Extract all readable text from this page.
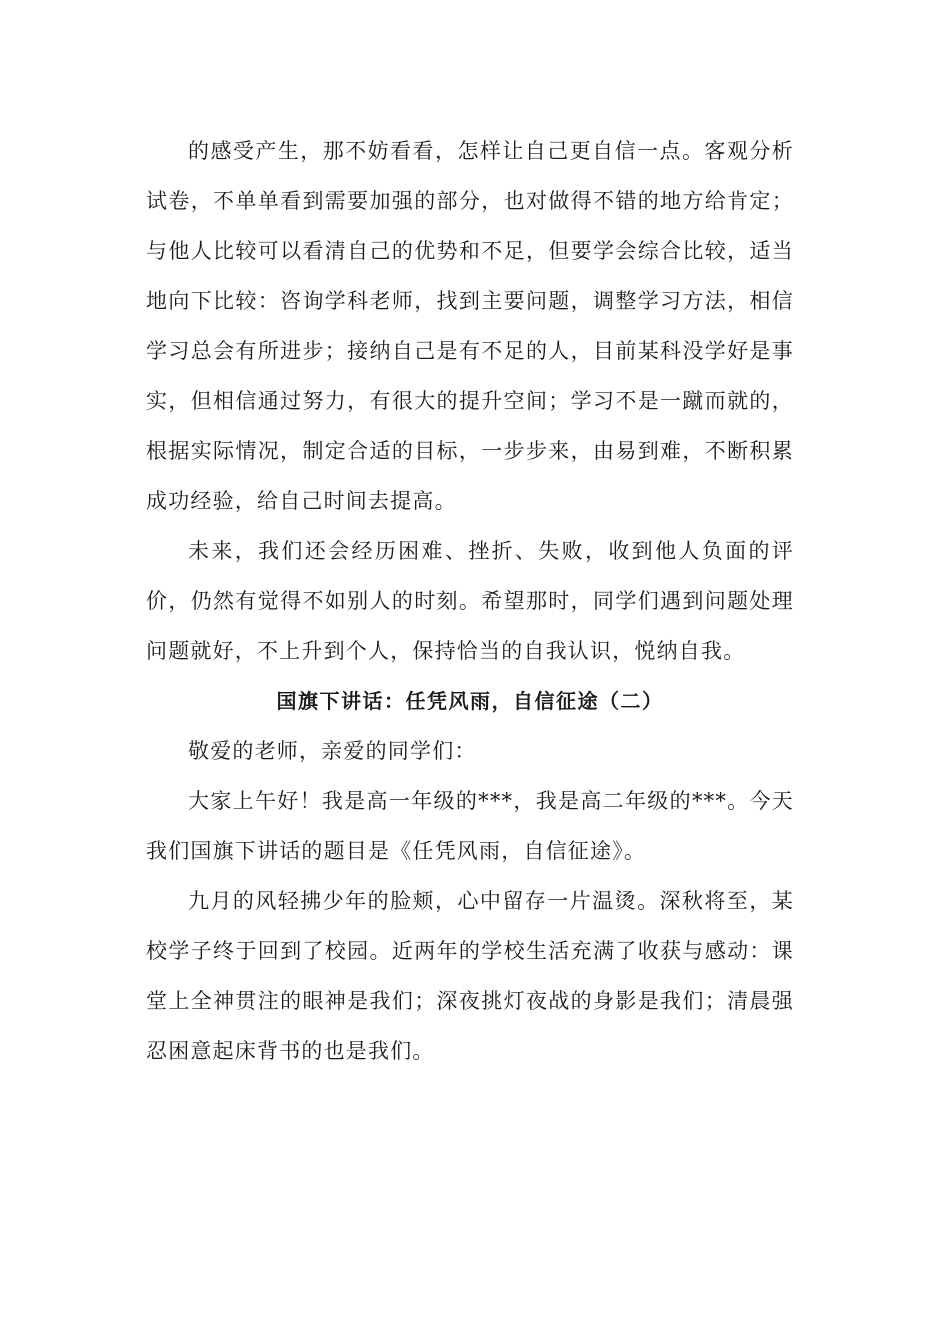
的感受产生，那不妨看看，怎样让自己更自信一点。客观分析试卷，不单单看到需要加强的部分，也对做得不错的地方给肯定；与他人比较可以看清自己的优势和不足，但要学会综合比较，适当地向下比较：咨询学科老师，找到主要问题，调整学习方法，相信学习总会有所进步；接纳自己是有不足的人，目前某科没学好是事实，但相信通过努力，有很大的提升空间；学习不是一蹴而就的，根据实际情况，制定合适的目标，一步步来，由易到难，不断积累成功经验，给自己时间去提高。

未来，我们还会经历困难、挫折、失败，收到他人负面的评价，仍然有觉得不如别人的时刻。希望那时，同学们遇到问题处理问题就好，不上升到个人，保持恰当的自我认识，悦纳自我。

国旗下讲话：任凭风雨，自信征途（二）

敬爱的老师，亲爱的同学们：

大家上午好！我是高一年级的***，我是高二年级的***。今天我们国旗下讲话的题目是《任凭风雨，自信征途》。

九月的风轻拂少年的脸颊，心中留存一片温烫。深秋将至，某校学子终于回到了校园。近两年的学校生活充满了收获与感动：课堂上全神贯注的眼神是我们；深夜挑灯夜战的身影是我们；清晨强忍困意起床背书的也是我们。
